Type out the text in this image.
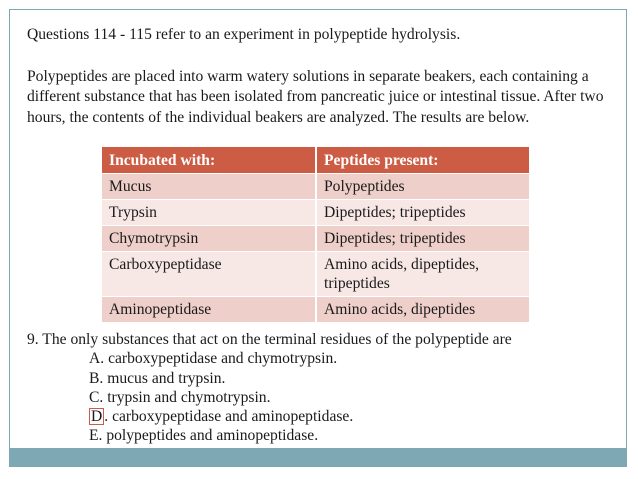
Questions 114 - 115 refer to an experiment in polypeptide hydrolysis.

Polypeptides are placed into warm watery solutions in separate beakers, each containing a different substance that has been isolated from pancreatic juice or intestinal tissue. After two hours, the contents of the individual beakers are analyzed. The results are below.

Incubated with:	Peptides present:
Mucus	Polypeptides
Trypsin	Dipeptides; tripeptides
Chymotrypsin	Dipeptides; tripeptides
Carboxypeptidase	Amino acids, dipeptides, tripeptides
Aminopeptidase	Amino acids, dipeptides

9. The only substances that act on the terminal residues of the polypeptide are

A. carboxypeptidase and chymotrypsin.

B. mucus and trypsin.

C. trypsin and chymotrypsin.

D . carboxypeptidase and aminopeptidase.

E. polypeptides and aminopeptidase.
